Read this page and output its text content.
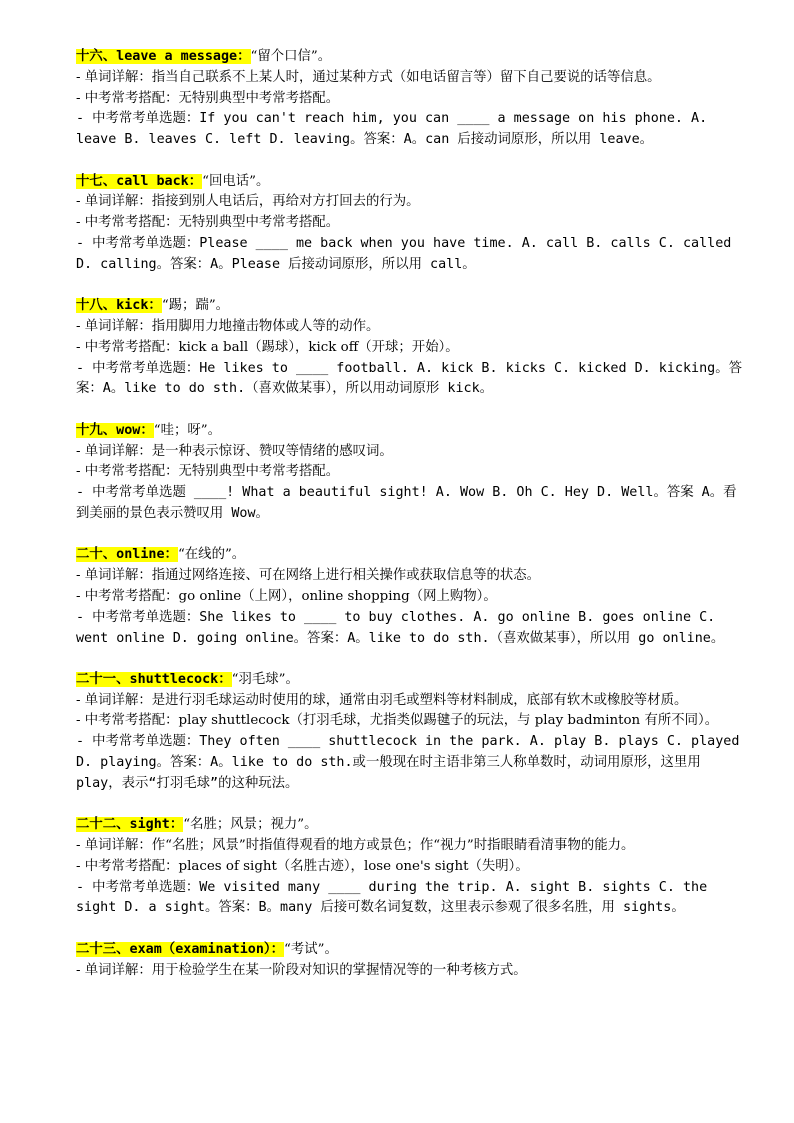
十六、leave a message：“留个口信”。

- 单词详解：指当自己联系不上某人时，通过某种方式（如电话留言等）留下自己要说的话等信息。

- 中考常考搭配：无特别典型中考常考搭配。

- 中考常考单选题：If you can't reach him, you can ____ a message on his phone. A. leave B. leaves C. left D. leaving。答案：A。can 后接动词原形，所以用 leave。

十七、call back：“回电话”。

- 单词详解：指接到别人电话后，再给对方打回去的行为。

- 中考常考搭配：无特别典型中考常考搭配。

- 中考常考单选题：Please ____ me back when you have time. A. call B. calls C. called D. calling。答案：A。Please 后接动词原形，所以用 call。

十八、kick：“踢；踹”。

- 单词详解：指用脚用力地撞击物体或人等的动作。

- 中考常考搭配：kick a ball（踢球），kick off（开球；开始）。

- 中考常考单选题：He likes to ____ football. A. kick B. kicks C. kicked D. kicking。答案：A。like to do sth.（喜欢做某事），所以用动词原形 kick。

十九、wow：“哇；呀”。

- 单词详解：是一种表示惊讶、赞叹等情绪的感叹词。

- 中考常考搭配：无特别典型中考常考搭配。

- 中考常考单选题 ____! What a beautiful sight! A. Wow B. Oh C. Hey D. Well。答案 A。看到美丽的景色表示赞叹用 Wow。

二十、online：“在线的”。

- 单词详解：指通过网络连接、可在网络上进行相关操作或获取信息等的状态。

- 中考常考搭配：go online（上网），online shopping（网上购物）。

- 中考常考单选题：She likes to ____ to buy clothes. A. go online B. goes online C. went online D. going online。答案：A。like to do sth.（喜欢做某事），所以用 go online。

二十一、shuttlecock：“羽毛球”。

- 单词详解：是进行羽毛球运动时使用的球，通常由羽毛或塑料等材料制成，底部有软木或橡胶等材质。

- 中考常考搭配：play shuttlecock（打羽毛球，尤指类似踢毽子的玩法，与 play badminton 有所不同）。

- 中考常考单选题：They often ____ shuttlecock in the park. A. play B. plays C. played D. playing。答案：A。like to do sth.或一般现在时主语非第三人称单数时，动词用原形，这里用 play，表示“打羽毛球”的这种玩法。

二十二、sight：“名胜；风景；视力”。

- 单词详解：作“名胜；风景”时指值得观看的地方或景色；作“视力”时指眼睛看清事物的能力。

- 中考常考搭配：places of sight（名胜古迹），lose one's sight（失明）。

- 中考常考单选题：We visited many ____ during the trip. A. sight B. sights C. the sight D. a sight。答案：B。many 后接可数名词复数，这里表示参观了很多名胜，用 sights。

二十三、exam（examination）：“考试”。

- 单词详解：用于检验学生在某一阶段对知识的掌握情况等的一种考核方式。
